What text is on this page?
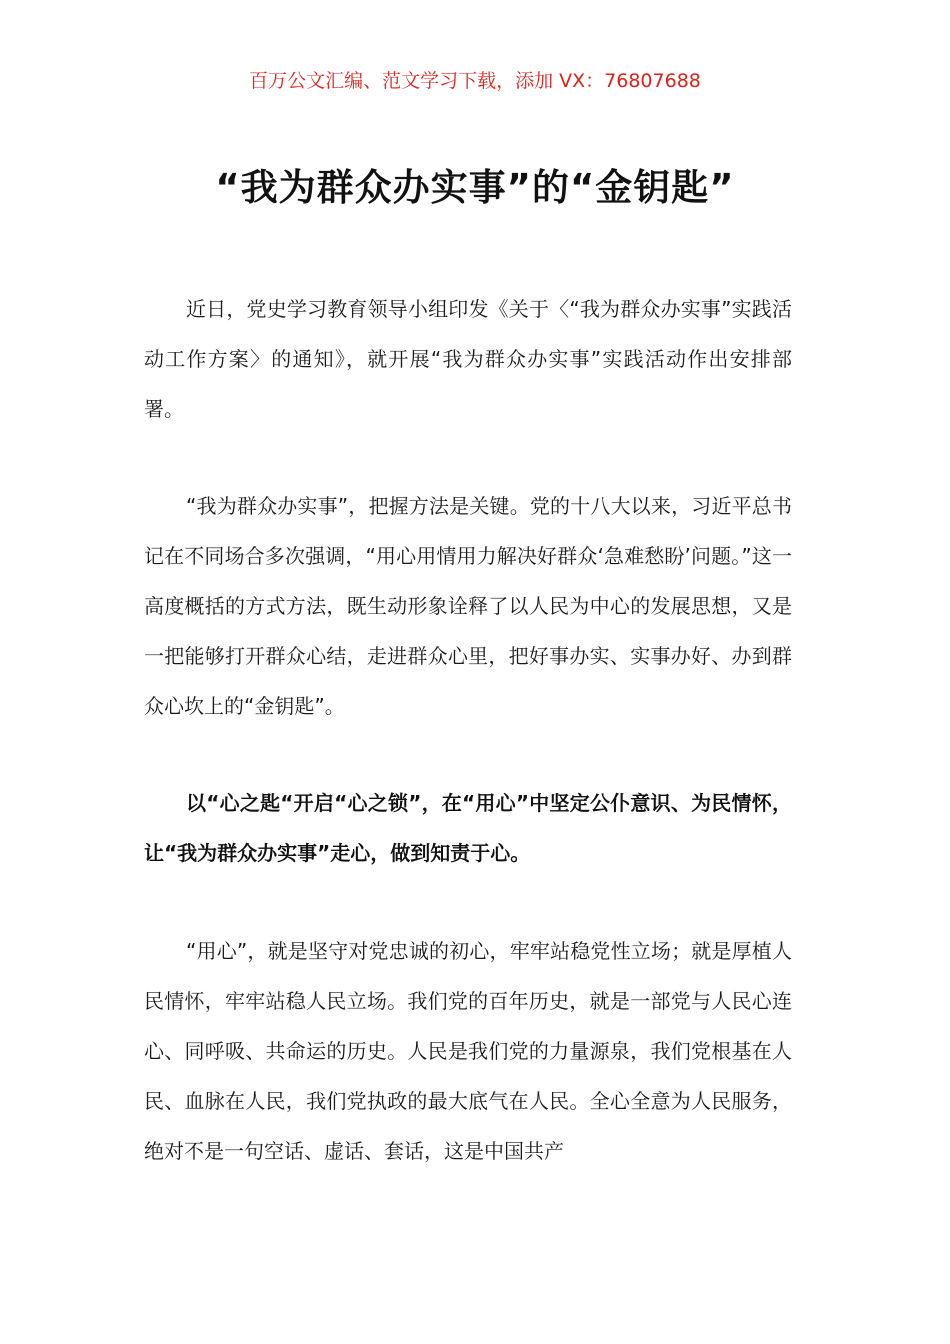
百万公文汇编、范文学习下载，添加 VX：76807688
“我为群众办实事”的“金钥匙”

近日，党史学习教育领导小组印发《关于〈“我为群众办实事”实践活动工作方案〉的通知》，就开展“我为群众办实事”实践活动作出安排部署。

“我为群众办实事”，把握方法是关键。党的十八大以来，习近平总书记在不同场合多次强调，“用心用情用力解决好群众‘急难愁盼’问题。”这一高度概括的方式方法，既生动形象诠释了以人民为中心的发展思想，又是一把能够打开群众心结，走进群众心里，把好事办实、实事办好、办到群众心坎上的“金钥匙”。

以“心之匙“开启“心之锁”，在“用心”中坚定公仆意识、为民情怀，让“我为群众办实事”走心，做到知责于心。

“用心”，就是坚守对党忠诚的初心，牢牢站稳党性立场；就是厚植人民情怀，牢牢站稳人民立场。我们党的百年历史，就是一部党与人民心连心、同呼吸、共命运的历史。人民是我们党的力量源泉，我们党根基在人民、血脉在人民，我们党执政的最大底气在人民。全心全意为人民服务，绝对不是一句空话、虚话、套话，这是中国共产
